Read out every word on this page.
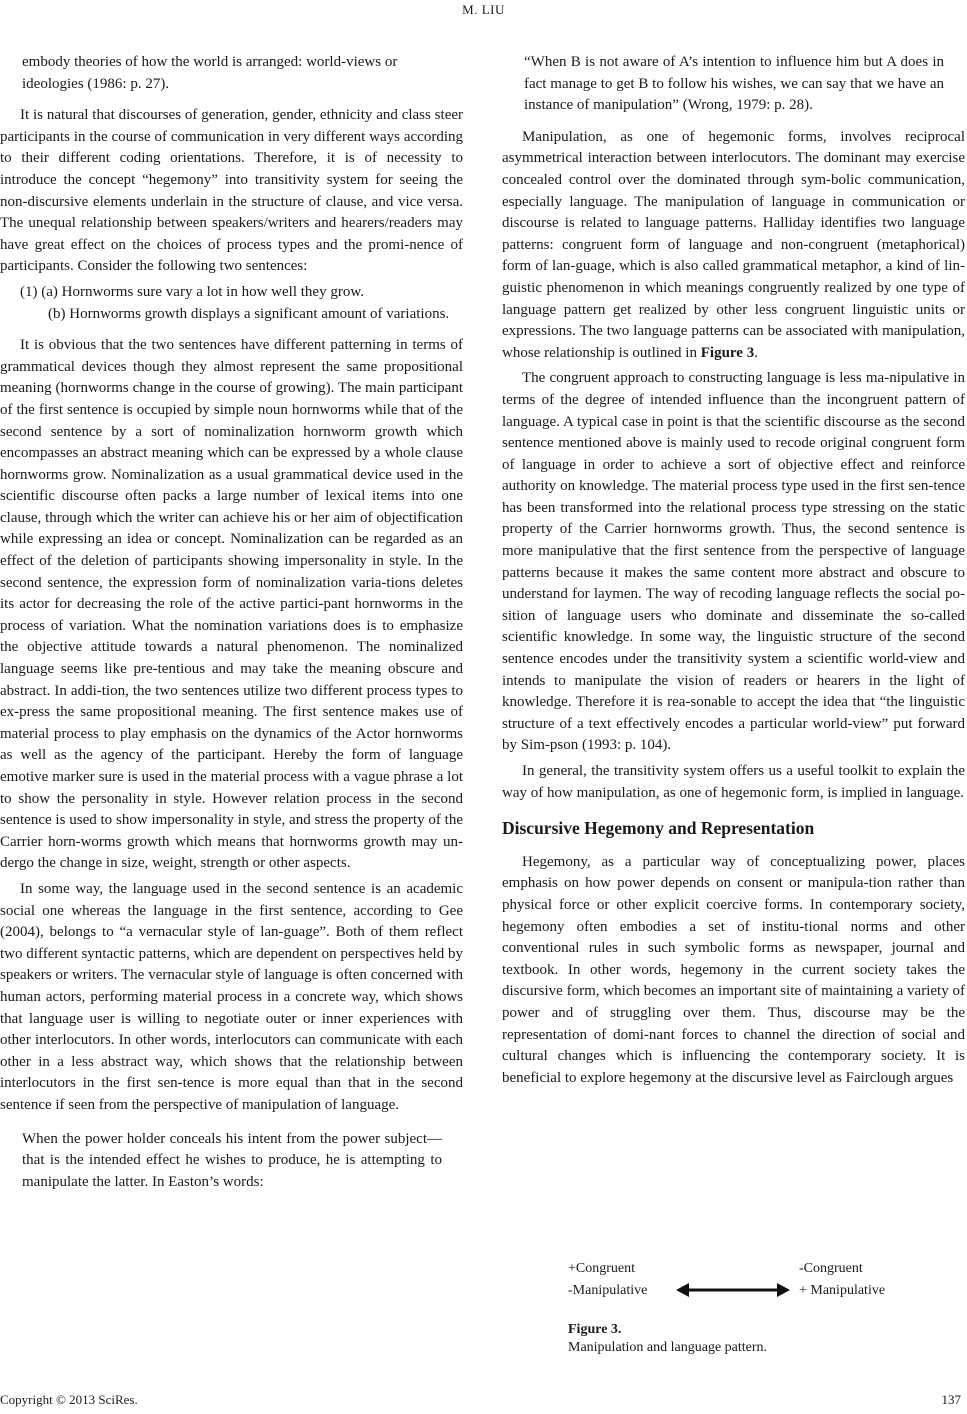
M. LIU

embody theories of how the world is arranged: world-views or ideologies (1986: p. 27).

It is natural that discourses of generation, gender, ethnicity and class steer participants in the course of communication in very different ways according to their different coding orientations. Therefore, it is of necessity to introduce the concept “hegemony” into transitivity system for seeing the non-discursive elements underlain in the structure of clause, and vice versa. The unequal relationship between speakers/writers and hearers/readers may have great effect on the choices of process types and the promi-nence of participants. Consider the following two sentences:

(1) (a) Hornworms sure vary a lot in how well they grow.

(b) Hornworms growth displays a significant amount of variations.

It is obvious that the two sentences have different patterning in terms of grammatical devices though they almost represent the same propositional meaning (hornworms change in the course of growing). The main participant of the first sentence is occupied by simple noun hornworms while that of the second sentence by a sort of nominalization hornworm growth which encompasses an abstract meaning which can be expressed by a whole clause hornworms grow. Nominalization as a usual grammatical device used in the scientific discourse often packs a large number of lexical items into one clause, through which the writer can achieve his or her aim of objectification while expressing an idea or concept. Nominalization can be regarded as an effect of the deletion of participants showing impersonality in style. In the second sentence, the expression form of nominalization varia-tions deletes its actor for decreasing the role of the active partici-pant hornworms in the process of variation. What the nomination variations does is to emphasize the objective attitude towards a natural phenomenon. The nominalized language seems like pre-tentious and may take the meaning obscure and abstract. In addi-tion, the two sentences utilize two different process types to ex-press the same propositional meaning. The first sentence makes use of material process to play emphasis on the dynamics of the Actor hornworms as well as the agency of the participant. Hereby the form of language emotive marker sure is used in the material process with a vague phrase a lot to show the personality in style. However relation process in the second sentence is used to show impersonality in style, and stress the property of the Carrier horn-worms growth which means that hornworms growth may un-dergo the change in size, weight, strength or other aspects.

In some way, the language used in the second sentence is an academic social one whereas the language in the first sentence, according to Gee (2004), belongs to “a vernacular style of lan-guage”. Both of them reflect two different syntactic patterns, which are dependent on perspectives held by speakers or writers. The vernacular style of language is often concerned with human actors, performing material process in a concrete way, which shows that language user is willing to negotiate outer or inner experiences with other interlocutors. In other words, interlocutors can communicate with each other in a less abstract way, which shows that the relationship between interlocutors in the first sen-tence is more equal than that in the second sentence if seen from the perspective of manipulation of language.

When the power holder conceals his intent from the power subject—that is the intended effect he wishes to produce, he is attempting to manipulate the latter. In Easton’s words:

“When B is not aware of A’s intention to influence him but A does in fact manage to get B to follow his wishes, we can say that we have an instance of manipulation” (Wrong, 1979: p. 28).

Manipulation, as one of hegemonic forms, involves reciprocal asymmetrical interaction between interlocutors. The dominant may exercise concealed control over the dominated through sym-bolic communication, especially language. The manipulation of language in communication or discourse is related to language patterns. Halliday identifies two language patterns: congruent form of language and non-congruent (metaphorical) form of lan-guage, which is also called grammatical metaphor, a kind of lin-guistic phenomenon in which meanings congruently realized by one type of language pattern get realized by other less congruent linguistic units or expressions. The two language patterns can be associated with manipulation, whose relationship is outlined in Figure 3.

The congruent approach to constructing language is less ma-nipulative in terms of the degree of intended influence than the incongruent pattern of language. A typical case in point is that the scientific discourse as the second sentence mentioned above is mainly used to recode original congruent form of language in order to achieve a sort of objective effect and reinforce authority on knowledge. The material process type used in the first sen-tence has been transformed into the relational process type stressing on the static property of the Carrier hornworms growth. Thus, the second sentence is more manipulative that the first sentence from the perspective of language patterns because it makes the same content more abstract and obscure to understand for laymen. The way of recoding language reflects the social po-sition of language users who dominate and disseminate the so-called scientific knowledge. In some way, the linguistic structure of the second sentence encodes under the transitivity system a scientific world-view and intends to manipulate the vision of readers or hearers in the light of knowledge. Therefore it is rea-sonable to accept the idea that “the linguistic structure of a text effectively encodes a particular world-view” put forward by Sim-pson (1993: p. 104).

In general, the transitivity system offers us a useful toolkit to explain the way of how manipulation, as one of hegemonic form, is implied in language.

Discursive Hegemony and Representation

Hegemony, as a particular way of conceptualizing power, places emphasis on how power depends on consent or manipula-tion rather than physical force or other explicit coercive forms. In contemporary society, hegemony often embodies a set of institu-tional norms and other conventional rules in such symbolic forms as newspaper, journal and textbook. In other words, hegemony in the current society takes the discursive form, which becomes an important site of maintaining a variety of power and of struggling over them. Thus, discourse may be the representation of domi-nant forces to channel the direction of social and cultural changes which is influencing the contemporary society. It is beneficial to explore hegemony at the discursive level as Fairclough argues

+Congruent
-Manipulative
-Congruent
+ Manipulative
Figure 3.
Manipulation and language pattern.
Copyright © 2013 SciRes.	137
